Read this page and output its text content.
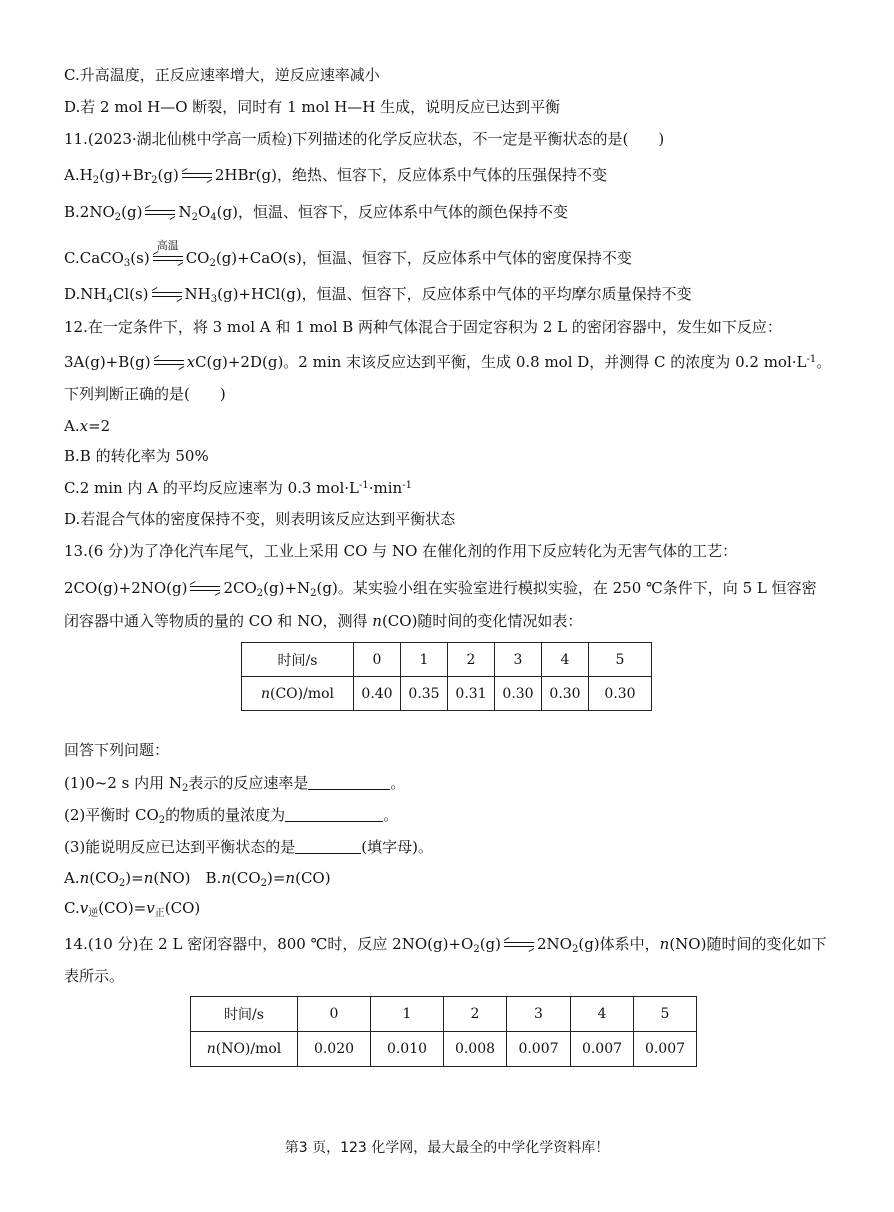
C.升高温度，正反应速率增大，逆反应速率减小
D.若 2 mol H—O 断裂，同时有 1 mol H—H 生成，说明反应已达到平衡
11.(2023·湖北仙桃中学高一质检)下列描述的化学反应状态，不一定是平衡状态的是(　　)
$A.H_2(g)+Br_2(g)$ 2HBr(g)，绝热、恒容下，反应体系中气体的压强保持不变
$B.2NO_2(g)$ $N_2O_4(g)$，恒温、恒容下，反应体系中气体的颜色保持不变
C.CaCO$_3$(s)
高温
$CO_2(g)+CaO(s)$，恒温、恒容下，反应体系中气体的密度保持不变
$D.NH_4Cl(s)$ $NH_3(g)+HCl(g)$，恒温、恒容下，反应体系中气体的平均摩尔质量保持不变
12.在一定条件下，将 3 mol A 和 1 mol B 两种气体混合于固定容积为 2 L 的密闭容器中，发生如下反应：
3A(g)+B(g) xC(g)+2D(g)。2 min 末该反应达到平衡，生成 0.8 mol D，并测得 C 的浓度为 0.2 $mol\cdot L^{-1}$。
下列判断正确的是(　　)
A.x=2
B.B 的转化率为 50%
C.2 min 内 A 的平均反应速率为 0.3 $mol\cdot L^{-1}\cdot\min^{-1}$
D.若混合气体的密度保持不变，则表明该反应达到平衡状态
13.(6 分)为了净化汽车尾气，工业上采用 CO 与 NO 在催化剂的作用下反应转化为无害气体的工艺：
2CO(g)+2NO(g) $2CO_2(g)+N_2(g)$。某实验小组在实验室进行模拟实验，在 250 ℃条件下，向 5 L 恒容密
闭容器中通入等物质的量的 CO 和 NO，测得 n(CO)随时间的变化情况如表：
时间/s	0	1	2	3	4	5
n(CO)/mol	0.40	0.35	0.31	0.30	0.30	0.30
回答下列问题：
(1)0~2 s 内用 $N_2$表示的反应速率是	。
(2)平衡时 $CO_2$的物质的量浓度为	。
(3)能说明反应已达到平衡状态的是	(填字母)。
$A.n(CO_2)=n(NO)$　$B.n(CO_2)=n(CO)$
$C.v_逆(CO)=v_正(CO)$
14.(10 分)在 2 L 密闭容器中，800 ℃时，反应 $2NO(g)+O_2(g)$ $2NO_2(g)$体系中，n(NO)随时间的变化如下
表所示。
时间/s	0	1	2	3	4	5
n(NO)/mol	0.020	0.010	0.008	0.007	0.007	0.007
第3 页，123 化学网，最大最全的中学化学资料库！
